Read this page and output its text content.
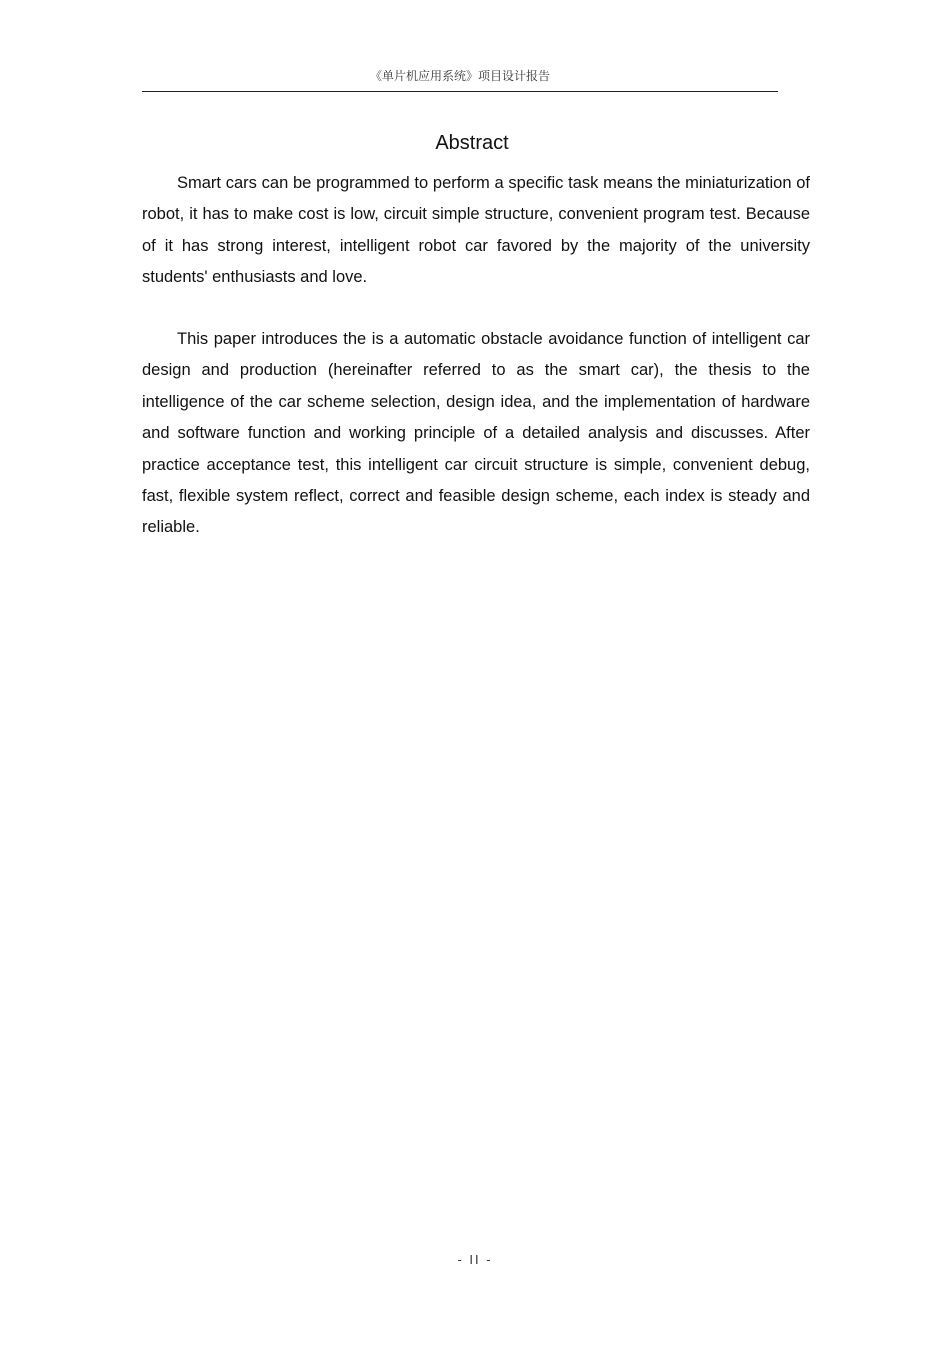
《单片机应用系统》项目设计报告
Abstract

Smart cars can be programmed to perform a specific task means the miniaturization of robot, it has to make cost is low, circuit simple structure, convenient program test. Because of it has strong interest, intelligent robot car favored by the majority of the university students' enthusiasts and love.

This paper introduces the is a automatic obstacle avoidance function of intelligent car design and production (hereinafter referred to as the smart car), the thesis to the intelligence of the car scheme selection, design idea, and the implementation of hardware and software function and working principle of a detailed analysis and discusses. After practice acceptance test, this intelligent car circuit structure is simple, convenient debug, fast, flexible system reflect, correct and feasible design scheme, each index is steady and reliable.

- II -
